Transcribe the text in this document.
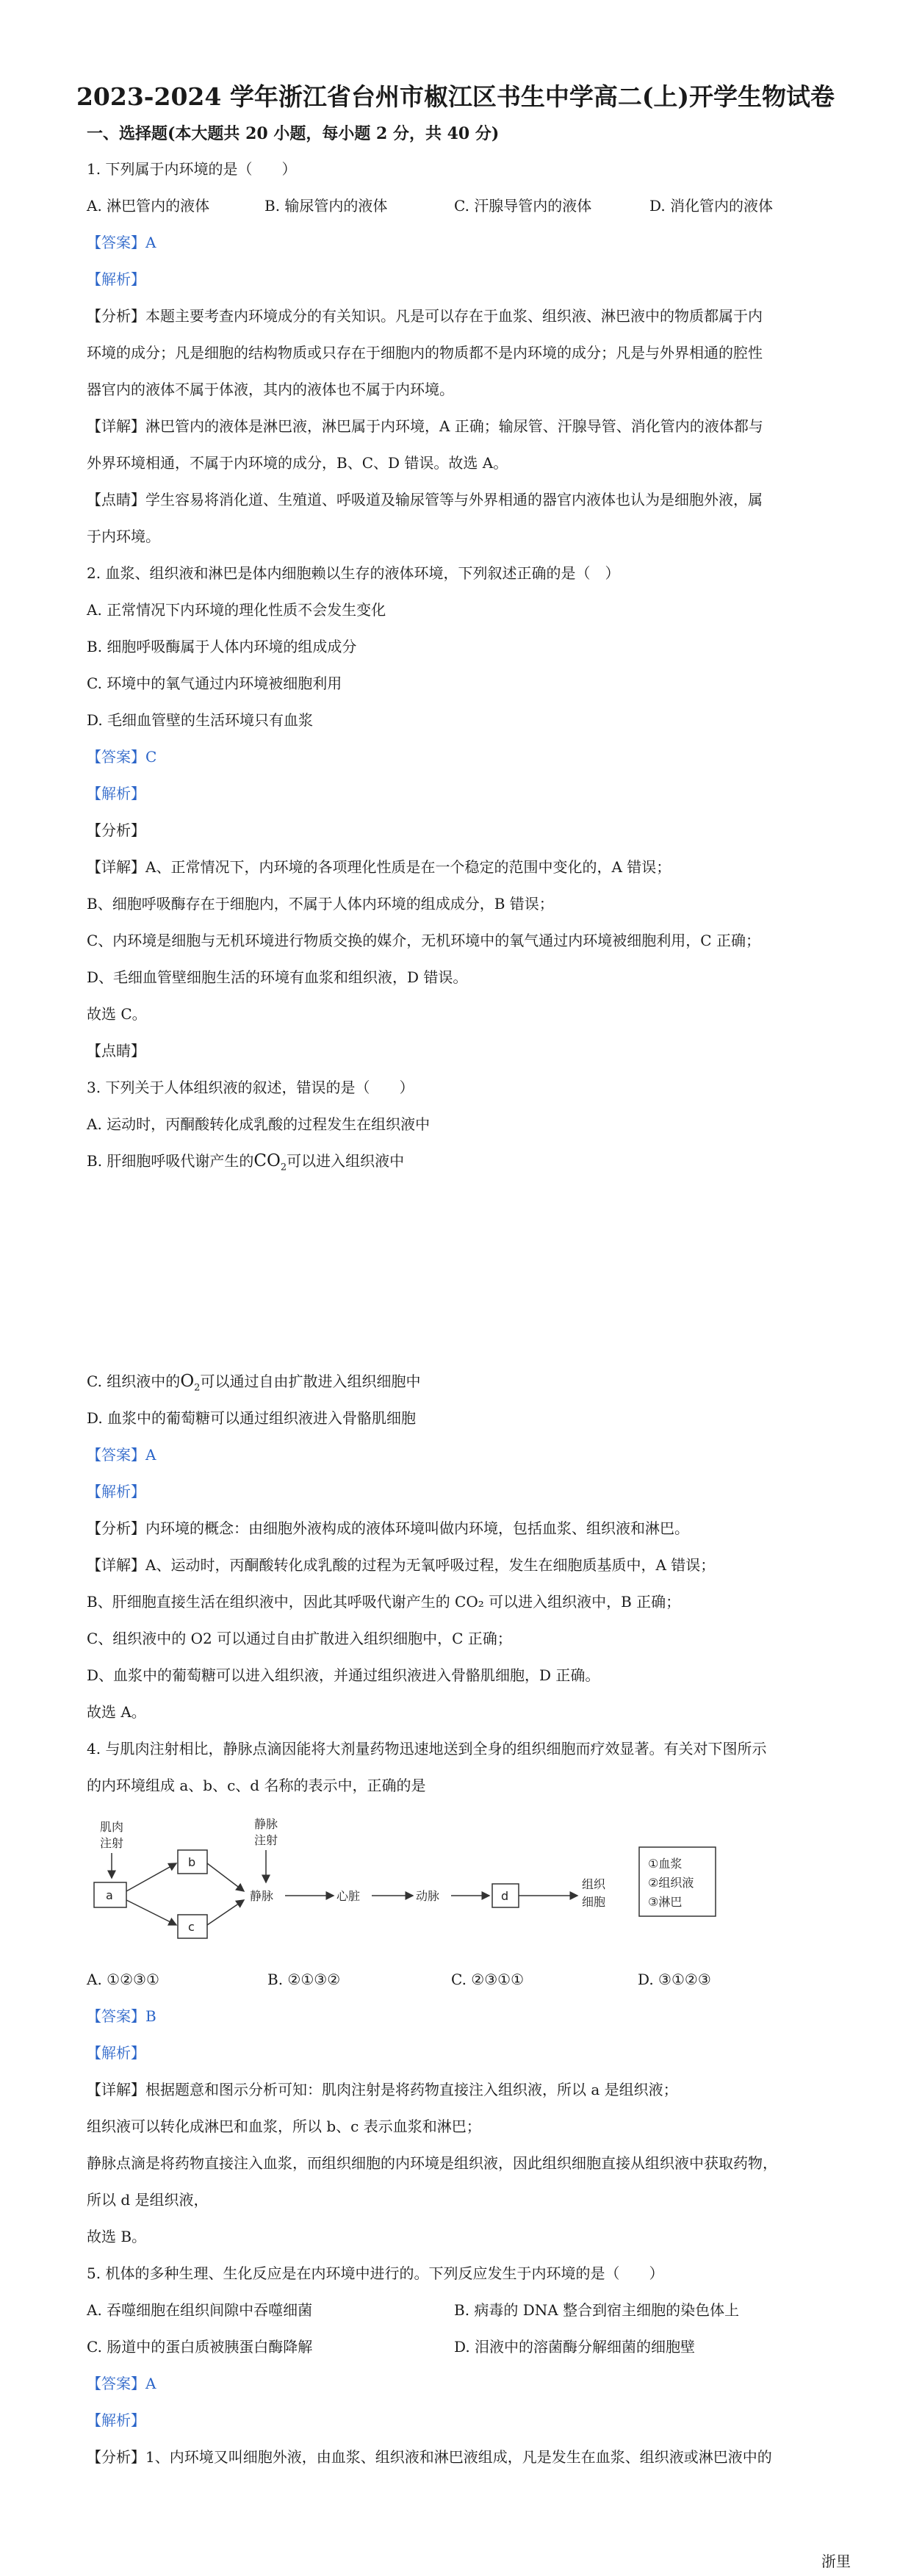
2023-2024 学年浙江省台州市椒江区书生中学高二(上)开学生物试卷
一、选择题(本大题共 20 小题，每小题 2 分，共 40 分)
1. 下列属于内环境的是（　　）
A. 淋巴管内的液体	B. 输尿管内的液体	C. 汗腺导管内的液体	D. 消化管内的液体
【答案】A
【解析】
【分析】本题主要考查内环境成分的有关知识。凡是可以存在于血浆、组织液、淋巴液中的物质都属于内
环境的成分；凡是细胞的结构物质或只存在于细胞内的物质都不是内环境的成分；凡是与外界相通的腔性
器官内的液体不属于体液，其内的液体也不属于内环境。
【详解】淋巴管内的液体是淋巴液，淋巴属于内环境，A 正确；输尿管、汗腺导管、消化管内的液体都与
外界环境相通，不属于内环境的成分，B、C、D 错误。故选 A。
【点睛】学生容易将消化道、生殖道、呼吸道及输尿管等与外界相通的器官内液体也认为是细胞外液，属
于内环境。
2. 血浆、组织液和淋巴是体内细胞赖以生存的液体环境，下列叙述正确的是（　）
A. 正常情况下内环境的理化性质不会发生变化
B. 细胞呼吸酶属于人体内环境的组成成分
C. 环境中的氧气通过内环境被细胞利用
D. 毛细血管壁的生活环境只有血浆
【答案】C
【解析】
【分析】
【详解】A、正常情况下，内环境的各项理化性质是在一个稳定的范围中变化的，A 错误；
B、细胞呼吸酶存在于细胞内，不属于人体内环境的组成成分，B 错误；
C、内环境是细胞与无机环境进行物质交换的媒介，无机环境中的氧气通过内环境被细胞利用，C 正确；
D、毛细血管壁细胞生活的环境有血浆和组织液，D 错误。
故选 C。
【点睛】
3. 下列关于人体组织液的叙述，错误的是（　　）
A. 运动时，丙酮酸转化成乳酸的过程发生在组织液中
B. 肝细胞呼吸代谢产生的$CO_2$可以进入组织液中
C. 组织液中的$O_2$可以通过自由扩散进入组织细胞中
D. 血浆中的葡萄糖可以通过组织液进入骨骼肌细胞
【答案】A
【解析】
【分析】内环境的概念：由细胞外液构成的液体环境叫做内环境，包括血浆、组织液和淋巴。
【详解】A、运动时，丙酮酸转化成乳酸的过程为无氧呼吸过程，发生在细胞质基质中，A 错误；
B、肝细胞直接生活在组织液中，因此其呼吸代谢产生的 CO₂ 可以进入组织液中，B 正确；
C、组织液中的 O2 可以通过自由扩散进入组织细胞中，C 正确；
D、血浆中的葡萄糖可以进入组织液，并通过组织液进入骨骼肌细胞，D 正确。
故选 A。
4. 与肌肉注射相比，静脉点滴因能将大剂量药物迅速地送到全身的组织细胞而疗效显著。有关对下图所示
的内环境组成 a、b、c、d 名称的表示中，正确的是
肌肉
注射
a
b
c
静脉
注射
静脉	心脏	动脉	d
组织
细胞
①血浆
②组织液
③淋巴
A. ①②③①	B. ②①③②	C. ②③①①	D. ③①②③
【答案】B
【解析】
【详解】根据题意和图示分析可知：肌肉注射是将药物直接注入组织液，所以 a 是组织液；
组织液可以转化成淋巴和血浆，所以 b、c 表示血浆和淋巴；
静脉点滴是将药物直接注入血浆，而组织细胞的内环境是组织液，因此组织细胞直接从组织液中获取药物，
所以 d 是组织液，
故选 B。
5. 机体的多种生理、生化反应是在内环境中进行的。下列反应发生于内环境的是（　　）
A. 吞噬细胞在组织间隙中吞噬细菌	B. 病毒的 DNA 整合到宿主细胞的染色体上
C. 肠道中的蛋白质被胰蛋白酶降解	D. 泪液中的溶菌酶分解细菌的细胞壁
【答案】A
【解析】
【分析】1、内环境又叫细胞外液，由血浆、组织液和淋巴液组成，凡是发生在血浆、组织液或淋巴液中的
浙里
